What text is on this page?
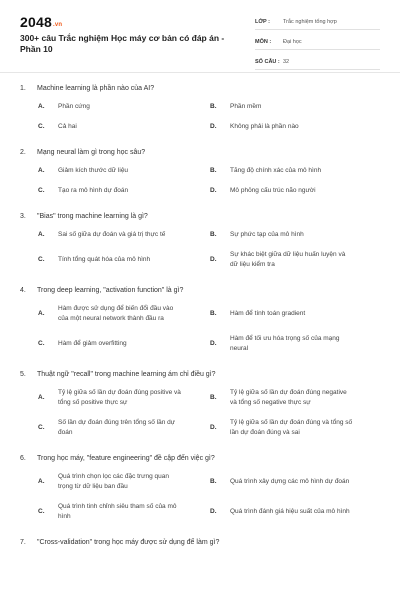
2048.vn
300+ câu Trắc nghiệm Học máy cơ bản có đáp án - Phần 10
LỚP :	Trắc nghiệm tổng hợp
MÔN :	Đại học
SỐ CÂU : 32
1. Machine learning là phần nào của AI?
A.	Phần cứng	B.	Phần mềm
C.	Cả hai	D.	Không phải là phần nào
2. Mạng neural làm gì trong học sâu?
A.	Giảm kích thước dữ liệu	B.	Tăng độ chính xác của mô hình
C.	Tạo ra mô hình dự đoán	D.	Mô phỏng cấu trúc não người
3. "Bias" trong machine learning là gì?
A.	Sai số giữa dự đoán và giá trị thực tế	B.	Sự phức tạp của mô hình
C.	Tính tổng quát hóa của mô hình	D.
Sự khác biệt giữa dữ liệu huấn luyện và dữ liệu kiểm tra
4. Trong deep learning, "activation function" là gì?
A.
Hàm được sử dụng để biến đổi đầu vào của một neural network thành đầu ra
B.	Hàm để tính toán gradient
C.	Hàm để giảm overfitting	D.
Hàm để tối ưu hóa trọng số của mạng neural
5. Thuật ngữ "recall" trong machine learning ám chỉ điều gì?
A.
Tỷ lệ giữa số lần dự đoán đúng positive và tổng số positive thực sự
B.
Tỷ lệ giữa số lần dự đoán đúng negative và tổng số negative thực sự
C.
Số lần dự đoán đúng trên tổng số lần dự đoán
D.
Tỷ lệ giữa số lần dự đoán đúng và tổng số lần dự đoán đúng và sai
6. Trong học máy, "feature engineering" đề cập đến việc gì?
A.
Quá trình chọn lọc các đặc trưng quan trọng từ dữ liệu ban đầu
B.	Quá trình xây dựng các mô hình dự đoán
C.
Quá trình tinh chỉnh siêu tham số của mô hình
D.	Quá trình đánh giá hiệu suất của mô hình
7. "Cross-validation" trong học máy được sử dụng để làm gì?
